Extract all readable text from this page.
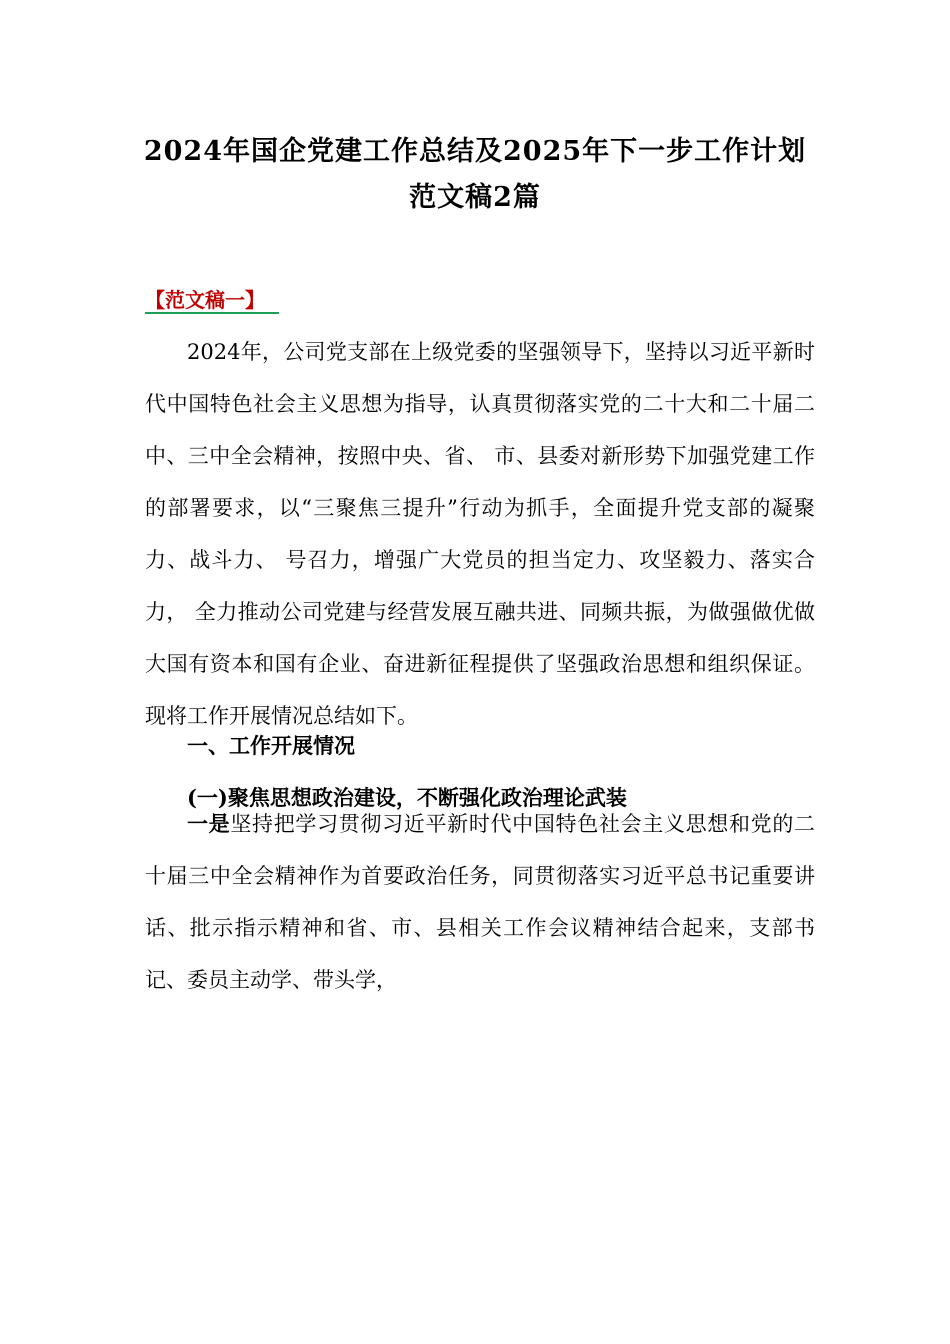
2024年国企党建工作总结及2025年下一步工作计划
范文稿2篇
【范文稿一】
2024年，公司党支部在上级党委的坚强领导下，坚持以习近平新时代中国特色社会主义思想为指导，认真贯彻落实党的二十大和二十届二中、三中全会精神，按照中央、省、 市、县委对新形势下加强党建工作的部署要求，以“三聚焦三提升”行动为抓手，全面提升党支部的凝聚力、战斗力、 号召力，增强广大党员的担当定力、攻坚毅力、落实合力， 全力推动公司党建与经营发展互融共进、同频共振，为做强做优做大国有资本和国有企业、奋进新征程提供了坚强政治思想和组织保证。现将工作开展情况总结如下。
一、工作开展情况
(一)聚焦思想政治建设，不断强化政治理论武装
一是坚持把学习贯彻习近平新时代中国特色社会主义思想和党的二十届三中全会精神作为首要政治任务，同贯彻落实习近平总书记重要讲话、批示指示精神和省、市、县相关工作会议精神结合起来，支部书记、委员主动学、带头学，
